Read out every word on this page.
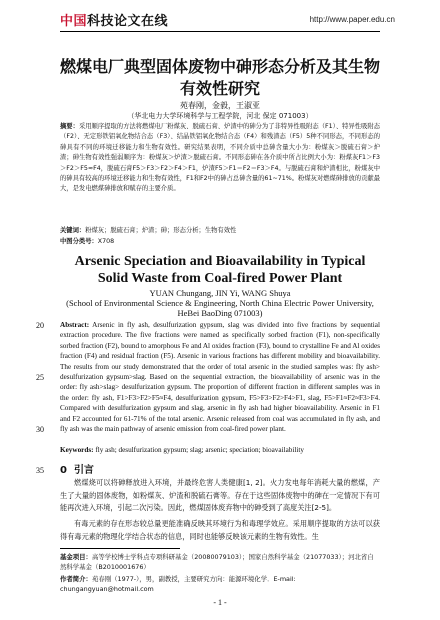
中国科技论文在线	http://www.paper.edu.cn
燃煤电厂典型固体废物中砷形态分析及其生物有效性研究
苑春刚，金毅，王淑亚
（华北电力大学环境科学与工程学院，河北 保定 071003）
摘要：采用顺序提取的方法将燃煤电厂粉煤灰、脱硫石膏、炉渣中的砷分为了非特异性吸附态（F1）、特异性吸附态（F2）、无定形铁铝氧化物结合态（F3）、结晶铁铝氧化物结合态（F4）和残渣态（F5）5种不同形态，不同形态的砷具有不同的环境迁移能力和生物有效性。研究结果表明，不同介质中总砷含量大小为：粉煤灰＞脱硫石膏＞炉渣；砷生物有效性强弱顺序为：粉煤灰＞炉渣＞脱硫石膏。不同形态砷在各介质中所占比例大小为：粉煤灰F1＞F3＞F2＞F5≈F4，脱硫石膏F5＞F3＞F2＞F4＞F1，炉渣F5＞F1＝F2＝F3＞F4。与脱硫石膏和炉渣相比，粉煤灰中的砷具有较高的环境迁移能力和生物有效性，F1和F2中的砷占总砷含量的61~71%。粉煤灰对燃煤砷排放的贡献最大，是发电燃煤砷排放和赋存的主要介质。
关键词：粉煤灰；脱硫石膏；炉渣；砷；形态分析；生物有效性
中图分类号：X708
Arsenic Speciation and Bioavailability in Typical Solid Waste from Coal-fired Power Plant
YUAN Chungang, JIN Yi, WANG Shuya
(School of Environmental Science & Engineering, North China Electric Power University,
HeBei BaoDing 071003)
Abstract: Arsenic in fly ash, desulfurization gypsum, slag was divided into five fractions by sequential extraction procedure. The five fractions were named as specifically sorbed fraction (F1), non-specifically sorbed fraction (F2), bound to amorphous Fe and Al oxides fraction (F3), bound to crystalline Fe and Al oxides fraction (F4) and residual fraction (F5). Arsenic in various fractions has different mobility and bioavailability. The results from our study demonstrated that the order of total arsenic in the studied samples was: fly ash> desulfurization gypsum>slag. Based on the sequential extraction, the bioavailability of arsenic was in the order: fly ash>slag> desulfurization gypsum. The proportion of different fraction in different samples was in the order: fly ash, F1>F3>F2>F5≈F4, desulfurization gypsum, F5>F3>F2>F4>F1, slag, F5>F1≈F2≈F3>F4. Compared with desulfurization gypsum and slag, arsenic in fly ash had higher bioavailability. Arsenic in F1 and F2 accounted for 61-71% of the total arsenic. Arsenic released from coal was accumulated in fly ash, and fly ash was the main pathway of arsenic emission from coal-fired power plant.
Keywords: fly ash; desulfurization gypsum; slag; arsenic; speciation; bioavailability
20
25
30
35 0 引言
燃煤烧可以将砷释放进入环境，并最终危害人类健康[1, 2]。火力发电每年消耗大量的燃煤，产生了大量的固体废物，如粉煤灰、炉渣和脱硫石膏等。存在于这些固体废物中的砷在一定情况下有可能再次进入环境，引起二次污染。因此，燃煤固体废弃物中的砷受到了高度关注[2-5]。
有毒元素的存在形态较总量更能准确反映其环境行为和毒理学效应。采用顺序提取的方法可以获得有毒元素的物理化学结合状态的信息，同时也能够反映该元素的生物有效性。生
基金项目：高等学校博士学科点专项科研基金（20080079103）；国家自然科学基金（21077033）；河北省自然科学基金（B2010001676）
作者简介：苑春刚（1977-），男，副教授，主要研究方向：能源环境化学．E-mail: chungangyuan@hotmail.com
- 1 -
